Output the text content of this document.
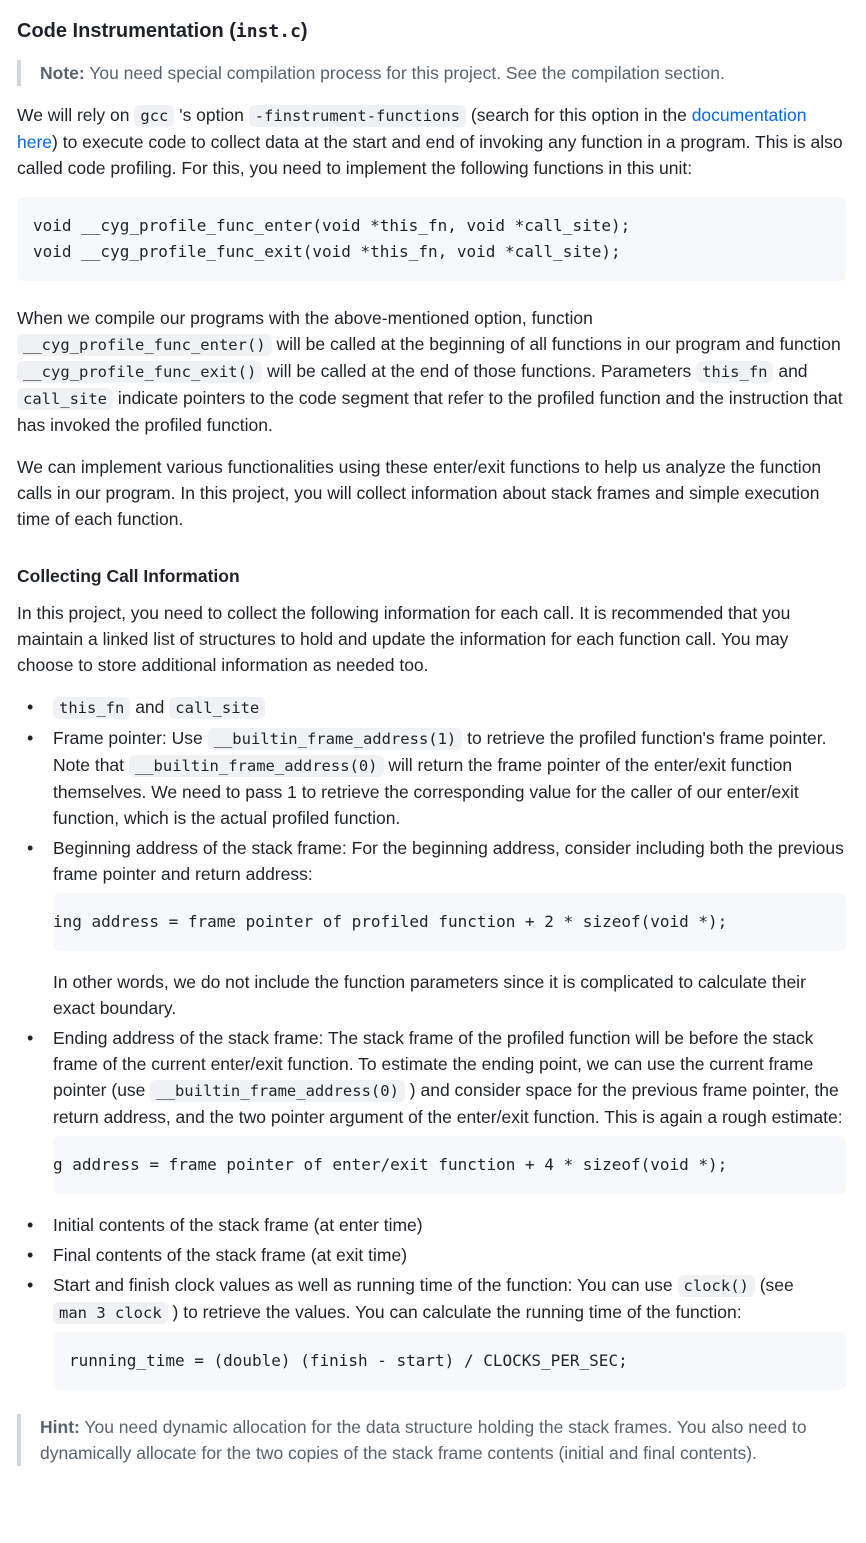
Code Instrumentation (inst.c)
Note: You need special compilation process for this project. See the compilation section.

We will rely on gcc 's option -finstrument-functions (search for this option in the documentation here) to execute code to collect data at the start and end of invoking any function in a program. This is also called code profiling. For this, you need to implement the following functions in this unit:

void __cyg_profile_func_enter(void *this_fn, void *call_site);
void __cyg_profile_func_exit(void *this_fn, void *call_site);

When we compile our programs with the above-mentioned option, function __cyg_profile_func_enter() will be called at the beginning of all functions in our program and function __cyg_profile_func_exit() will be called at the end of those functions. Parameters this_fn and call_site indicate pointers to the code segment that refer to the profiled function and the instruction that has invoked the profiled function.

We can implement various functionalities using these enter/exit functions to help us analyze the function calls in our program. In this project, you will collect information about stack frames and simple execution time of each function.

Collecting Call Information

In this project, you need to collect the following information for each call. It is recommended that you maintain a linked list of structures to hold and update the information for each function call. You may choose to store additional information as needed too.

• this_fn and call_site
• Frame pointer: Use __builtin_frame_address(1) to retrieve the profiled function's frame pointer. Note that __builtin_frame_address(0) will return the frame pointer of the enter/exit function themselves. We need to pass 1 to retrieve the corresponding value for the caller of our enter/exit function, which is the actual profiled function.
• Beginning address of the stack frame: For the beginning address, consider including both the previous frame pointer and return address:
ing address = frame pointer of profiled function + 2 * sizeof(void *);

In other words, we do not include the function parameters since it is complicated to calculate their exact boundary.

• Ending address of the stack frame: The stack frame of the profiled function will be before the stack frame of the current enter/exit function. To estimate the ending point, we can use the current frame pointer (use __builtin_frame_address(0) ) and consider space for the previous frame pointer, the return address, and the two pointer argument of the enter/exit function. This is again a rough estimate:
g address = frame pointer of enter/exit function + 4 * sizeof(void *);
• Initial contents of the stack frame (at enter time)
• Final contents of the stack frame (at exit time)
• Start and finish clock values as well as running time of the function: You can use clock() (see man 3 clock ) to retrieve the values. You can calculate the running time of the function:
running_time = (double) (finish - start) / CLOCKS_PER_SEC;
Hint: You need dynamic allocation for the data structure holding the stack frames. You also need to dynamically allocate for the two copies of the stack frame contents (initial and final contents).
